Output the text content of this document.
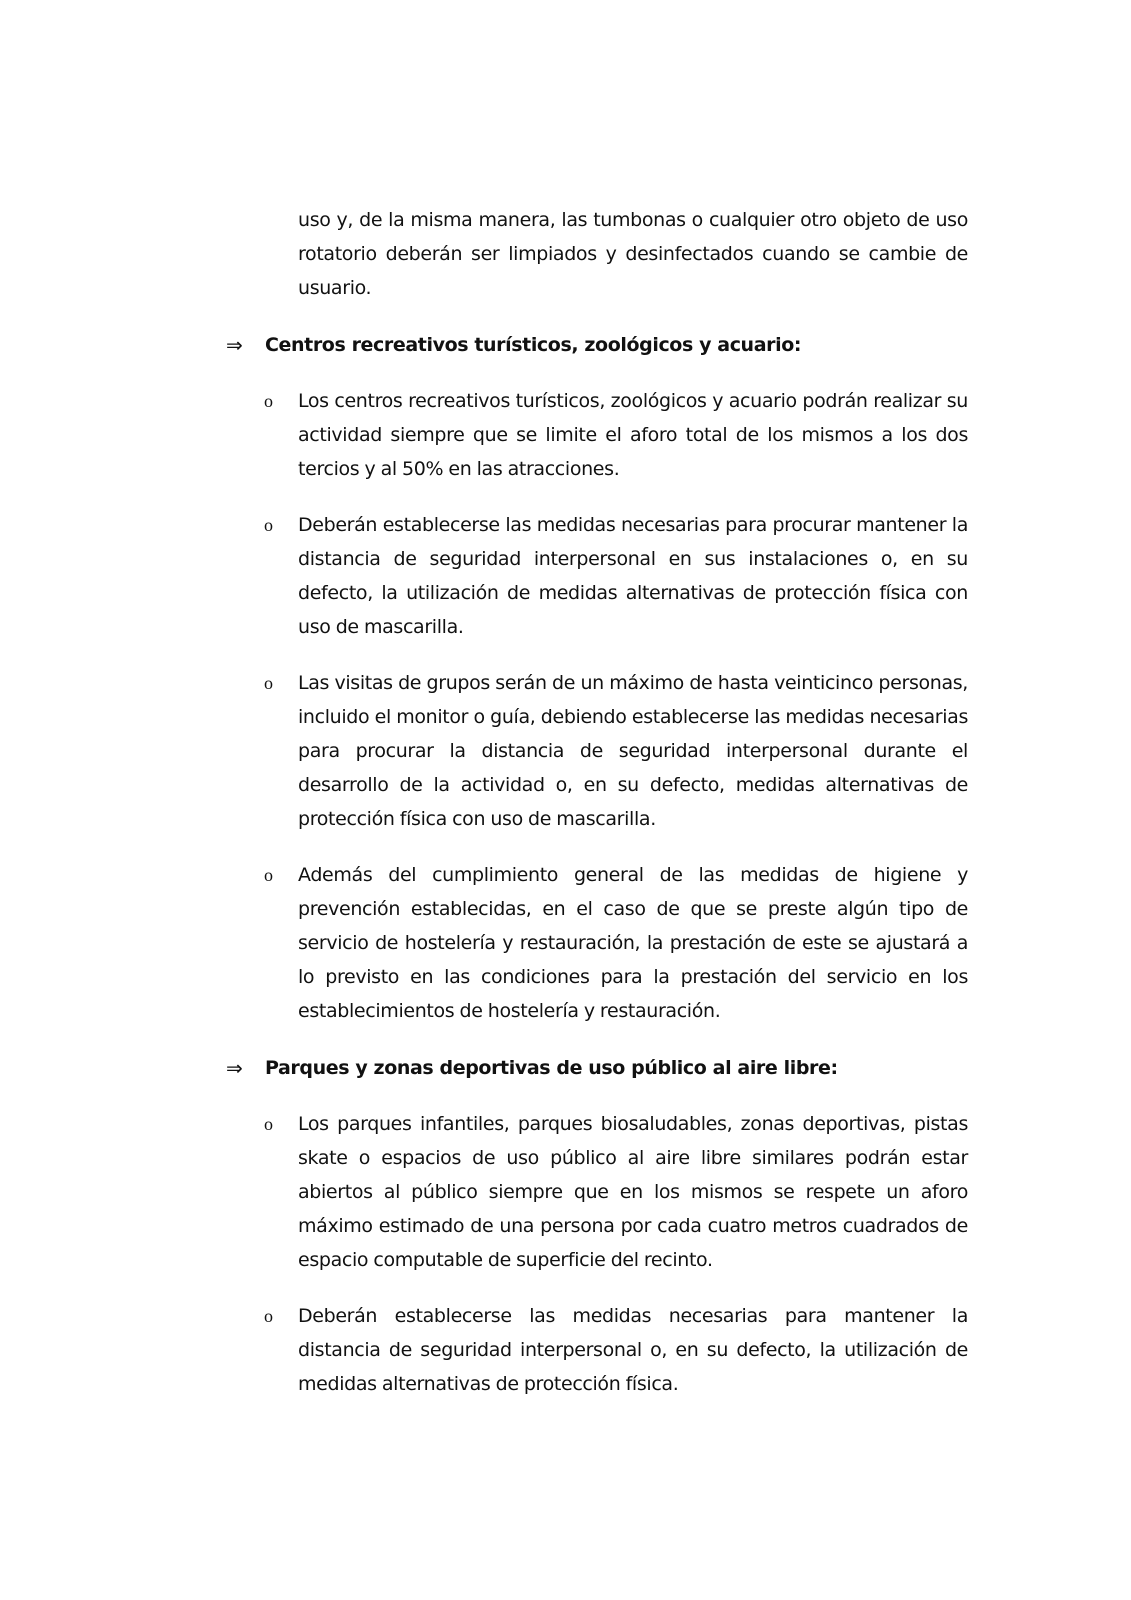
uso y, de la misma manera, las tumbonas o cualquier otro objeto de uso rotatorio deberán ser limpiados y desinfectados cuando se cambie de usuario.
⇒ Centros recreativos turísticos, zoológicos y acuario:
o Los centros recreativos turísticos, zoológicos y acuario podrán realizar su actividad siempre que se limite el aforo total de los mismos a los dos tercios y al 50% en las atracciones.
o Deberán establecerse las medidas necesarias para procurar mantener la distancia de seguridad interpersonal en sus instalaciones o, en su defecto, la utilización de medidas alternativas de protección física con uso de mascarilla.
o Las visitas de grupos serán de un máximo de hasta veinticinco personas, incluido el monitor o guía, debiendo establecerse las medidas necesarias para procurar la distancia de seguridad interpersonal durante el desarrollo de la actividad o, en su defecto, medidas alternativas de protección física con uso de mascarilla.
o Además del cumplimiento general de las medidas de higiene y prevención establecidas, en el caso de que se preste algún tipo de servicio de hostelería y restauración, la prestación de este se ajustará a lo previsto en las condiciones para la prestación del servicio en los establecimientos de hostelería y restauración.
⇒ Parques y zonas deportivas de uso público al aire libre:
o Los parques infantiles, parques biosaludables, zonas deportivas, pistas skate o espacios de uso público al aire libre similares podrán estar abiertos al público siempre que en los mismos se respete un aforo máximo estimado de una persona por cada cuatro metros cuadrados de espacio computable de superficie del recinto.
o Deberán establecerse las medidas necesarias para mantener la distancia de seguridad interpersonal o, en su defecto, la utilización de medidas alternativas de protección física.
